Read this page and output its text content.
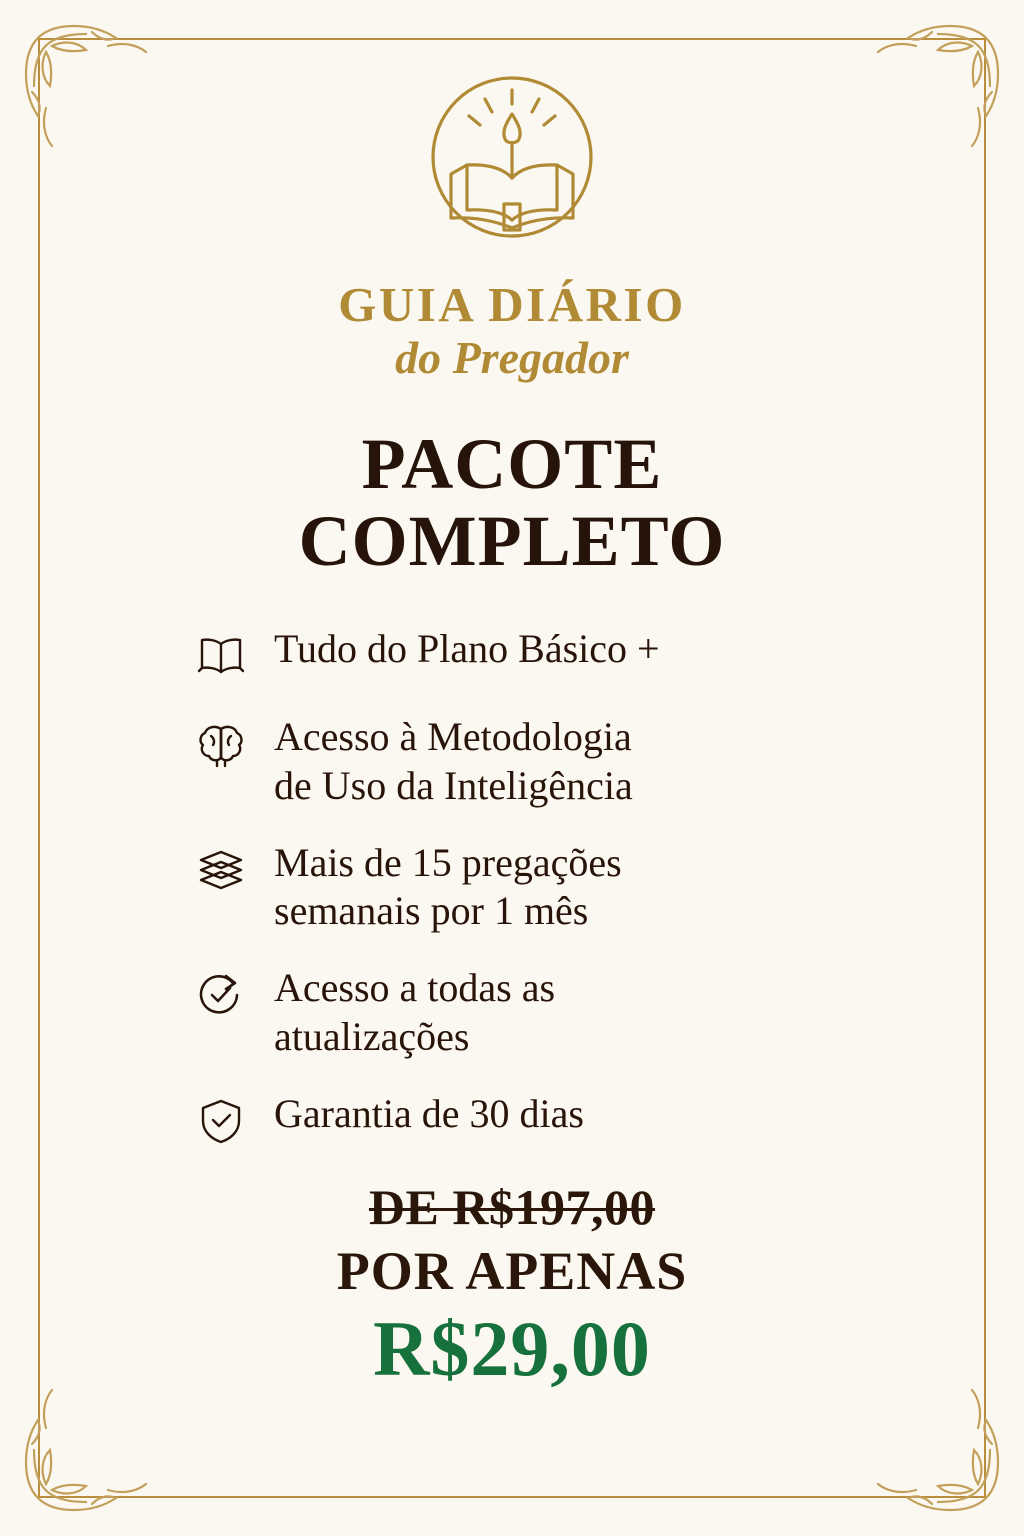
GUIA DIÁRIO
do Pregador
PACOTE
COMPLETO
Tudo do Plano Básico +
Acesso à Metodologia
de Uso da Inteligência
Mais de 15 pregações
semanais por 1 mês
Acesso a todas as
atualizações
Garantia de 30 dias
DE R$197,00
POR APENAS
R$29,00
